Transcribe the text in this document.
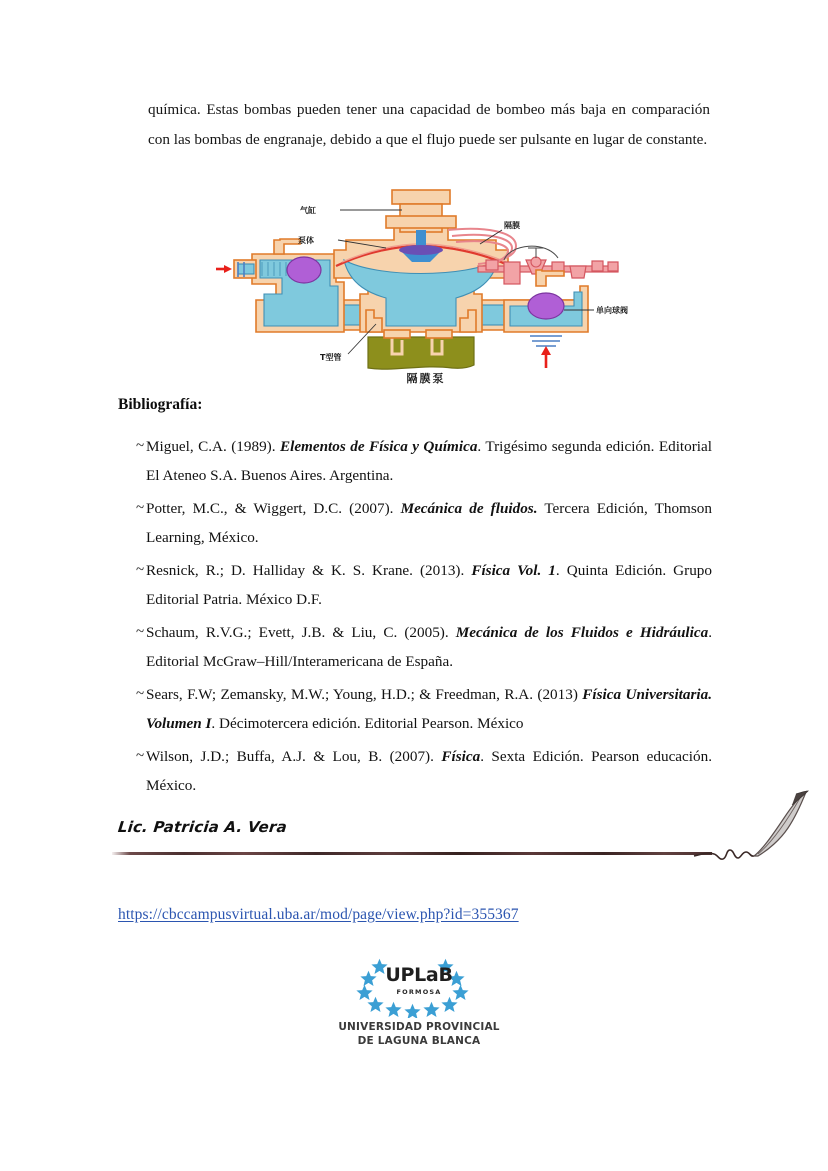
química. Estas bombas pueden tener una capacidad de bombeo más baja en comparación con las bombas de engranaje, debido a que el flujo puede ser pulsante en lugar de constante.
气缸
泵体
隔膜
T型管
单向球阀
隔膜泵
Bibliografía:
~ Miguel, C.A. (1989). Elementos de Física y Química. Trigésimo segunda edición. Editorial El Ateneo S.A. Buenos Aires. Argentina.
~ Potter, M.C., & Wiggert, D.C. (2007). Mecánica de fluidos. Tercera Edición, Thomson Learning, México.
~ Resnick, R.; D. Halliday & K. S. Krane. (2013). Física Vol. 1. Quinta Edición. Grupo Editorial Patria. México D.F.
~ Schaum, R.V.G.; Evett, J.B. & Liu, C. (2005). Mecánica de los Fluidos e Hidráulica. Editorial McGraw–Hill/Interamericana de España.
~ Sears, F.W; Zemansky, M.W.; Young, H.D.; & Freedman, R.A. (2013) Física Universitaria. Volumen I. Décimotercera edición. Editorial Pearson. México
~ Wilson, J.D.; Buffa, A.J. & Lou, B. (2007). Física. Sexta Edición. Pearson educación. México.
Lic. Patricia A. Vera
https://cbccampusvirtual.uba.ar/mod/page/view.php?id=355367
UPLaB
FORMOSA
UNIVERSIDAD PROVINCIAL
DE LAGUNA BLANCA
